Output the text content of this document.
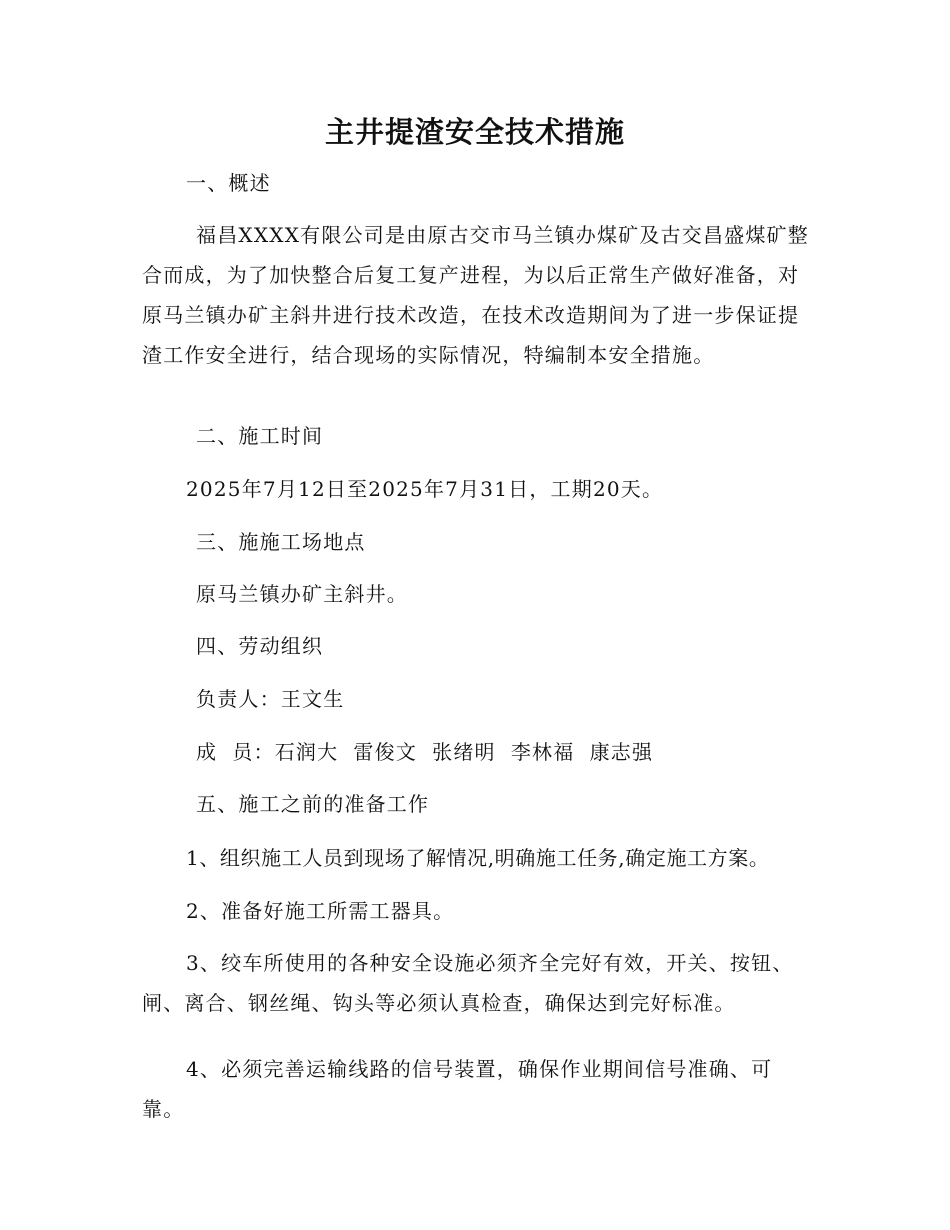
主井提渣安全技术措施

一、概述

福昌XXXX有限公司是由原古交市马兰镇办煤矿及古交昌盛煤矿整合而成，为了加快整合后复工复产进程，为以后正常生产做好准备，对原马兰镇办矿主斜井进行技术改造，在技术改造期间为了进一步保证提渣工作安全进行，结合现场的实际情况，特编制本安全措施。

二、施工时间

2025年7月12日至2025年7月31日，工期20天。

三、施施工场地点

原马兰镇办矿主斜井。

四、劳动组织

负责人：王文生

成  员：石润大  雷俊文  张绪明  李林福  康志强

五、施工之前的准备工作

1、组织施工人员到现场了解情况,明确施工任务,确定施工方案。

2、准备好施工所需工器具。

3、绞车所使用的各种安全设施必须齐全完好有效，开关、按钮、闸、离合、钢丝绳、钩头等必须认真检查，确保达到完好标准。

4、必须完善运输线路的信号装置，确保作业期间信号准确、可靠。
